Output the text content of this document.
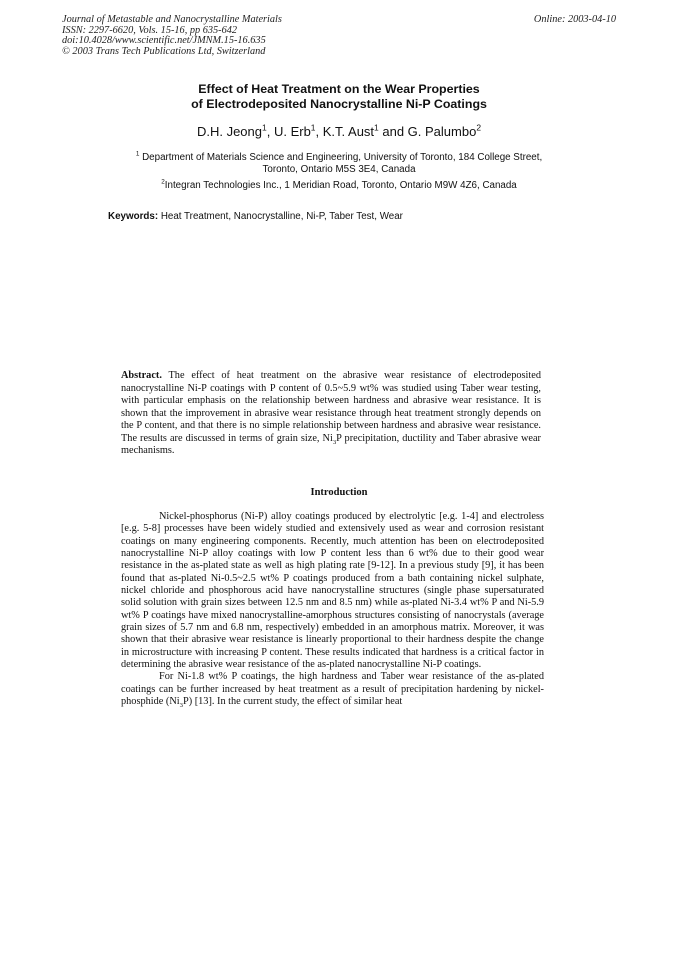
Journal of Metastable and Nanocrystalline Materials
ISSN: 2297-6620, Vols. 15-16, pp 635-642
doi:10.4028/www.scientific.net/JMNM.15-16.635
© 2003 Trans Tech Publications Ltd, Switzerland
Online: 2003-04-10
Effect of Heat Treatment on the Wear Properties
of Electrodeposited Nanocrystalline Ni-P Coatings
D.H. Jeong$^1$, U. Erb$^1$, K.T. Aust$^1$ and G. Palumbo$^2$
$^1$ Department of Materials Science and Engineering, University of Toronto, 184 College Street,
Toronto, Ontario M5S 3E4, Canada
$^2$Integran Technologies Inc., 1 Meridian Road, Toronto, Ontario M9W 4Z6, Canada
Keywords: Heat Treatment, Nanocrystalline, Ni-P, Taber Test, Wear
Abstract. The effect of heat treatment on the abrasive wear resistance of electrodeposited nanocrystalline Ni-P coatings with P content of 0.5~5.9 wt% was studied using Taber wear testing, with particular emphasis on the relationship between hardness and abrasive wear resistance. It is shown that the improvement in abrasive wear resistance through heat treatment strongly depends on the P content, and that there is no simple relationship between hardness and abrasive wear resistance. The results are discussed in terms of grain size, $Ni_3P$ precipitation, ductility and Taber abrasive wear mechanisms.
Introduction

Nickel-phosphorus (Ni-P) alloy coatings produced by electrolytic [e.g. 1-4] and electroless [e.g. 5-8] processes have been widely studied and extensively used as wear and corrosion resistant coatings on many engineering components. Recently, much attention has been on electrodeposited nanocrystalline Ni-P alloy coatings with low P content less than 6 wt% due to their good wear resistance in the as-plated state as well as high plating rate [9-12]. In a previous study [9], it has been found that as-plated Ni-0.5~2.5 wt% P coatings produced from a bath containing nickel sulphate, nickel chloride and phosphorous acid have nanocrystalline structures (single phase supersaturated solid solution with grain sizes between 12.5 nm and 8.5 nm) while as-plated Ni-3.4 wt% P and Ni-5.9 wt% P coatings have mixed nanocrystalline-amorphous structures consisting of nanocrystals (average grain sizes of 5.7 nm and 6.8 nm, respectively) embedded in an amorphous matrix. Moreover, it was shown that their abrasive wear resistance is linearly proportional to their hardness despite the change in microstructure with increasing P content. These results indicated that hardness is a critical factor in determining the abrasive wear resistance of the as-plated nanocrystalline Ni-P coatings.

For Ni-1.8 wt% P coatings, the high hardness and Taber wear resistance of the as-plated coatings can be further increased by heat treatment as a result of precipitation hardening by nickel-phosphide $(Ni_3P)$ [13]. In the current study, the effect of similar heat
